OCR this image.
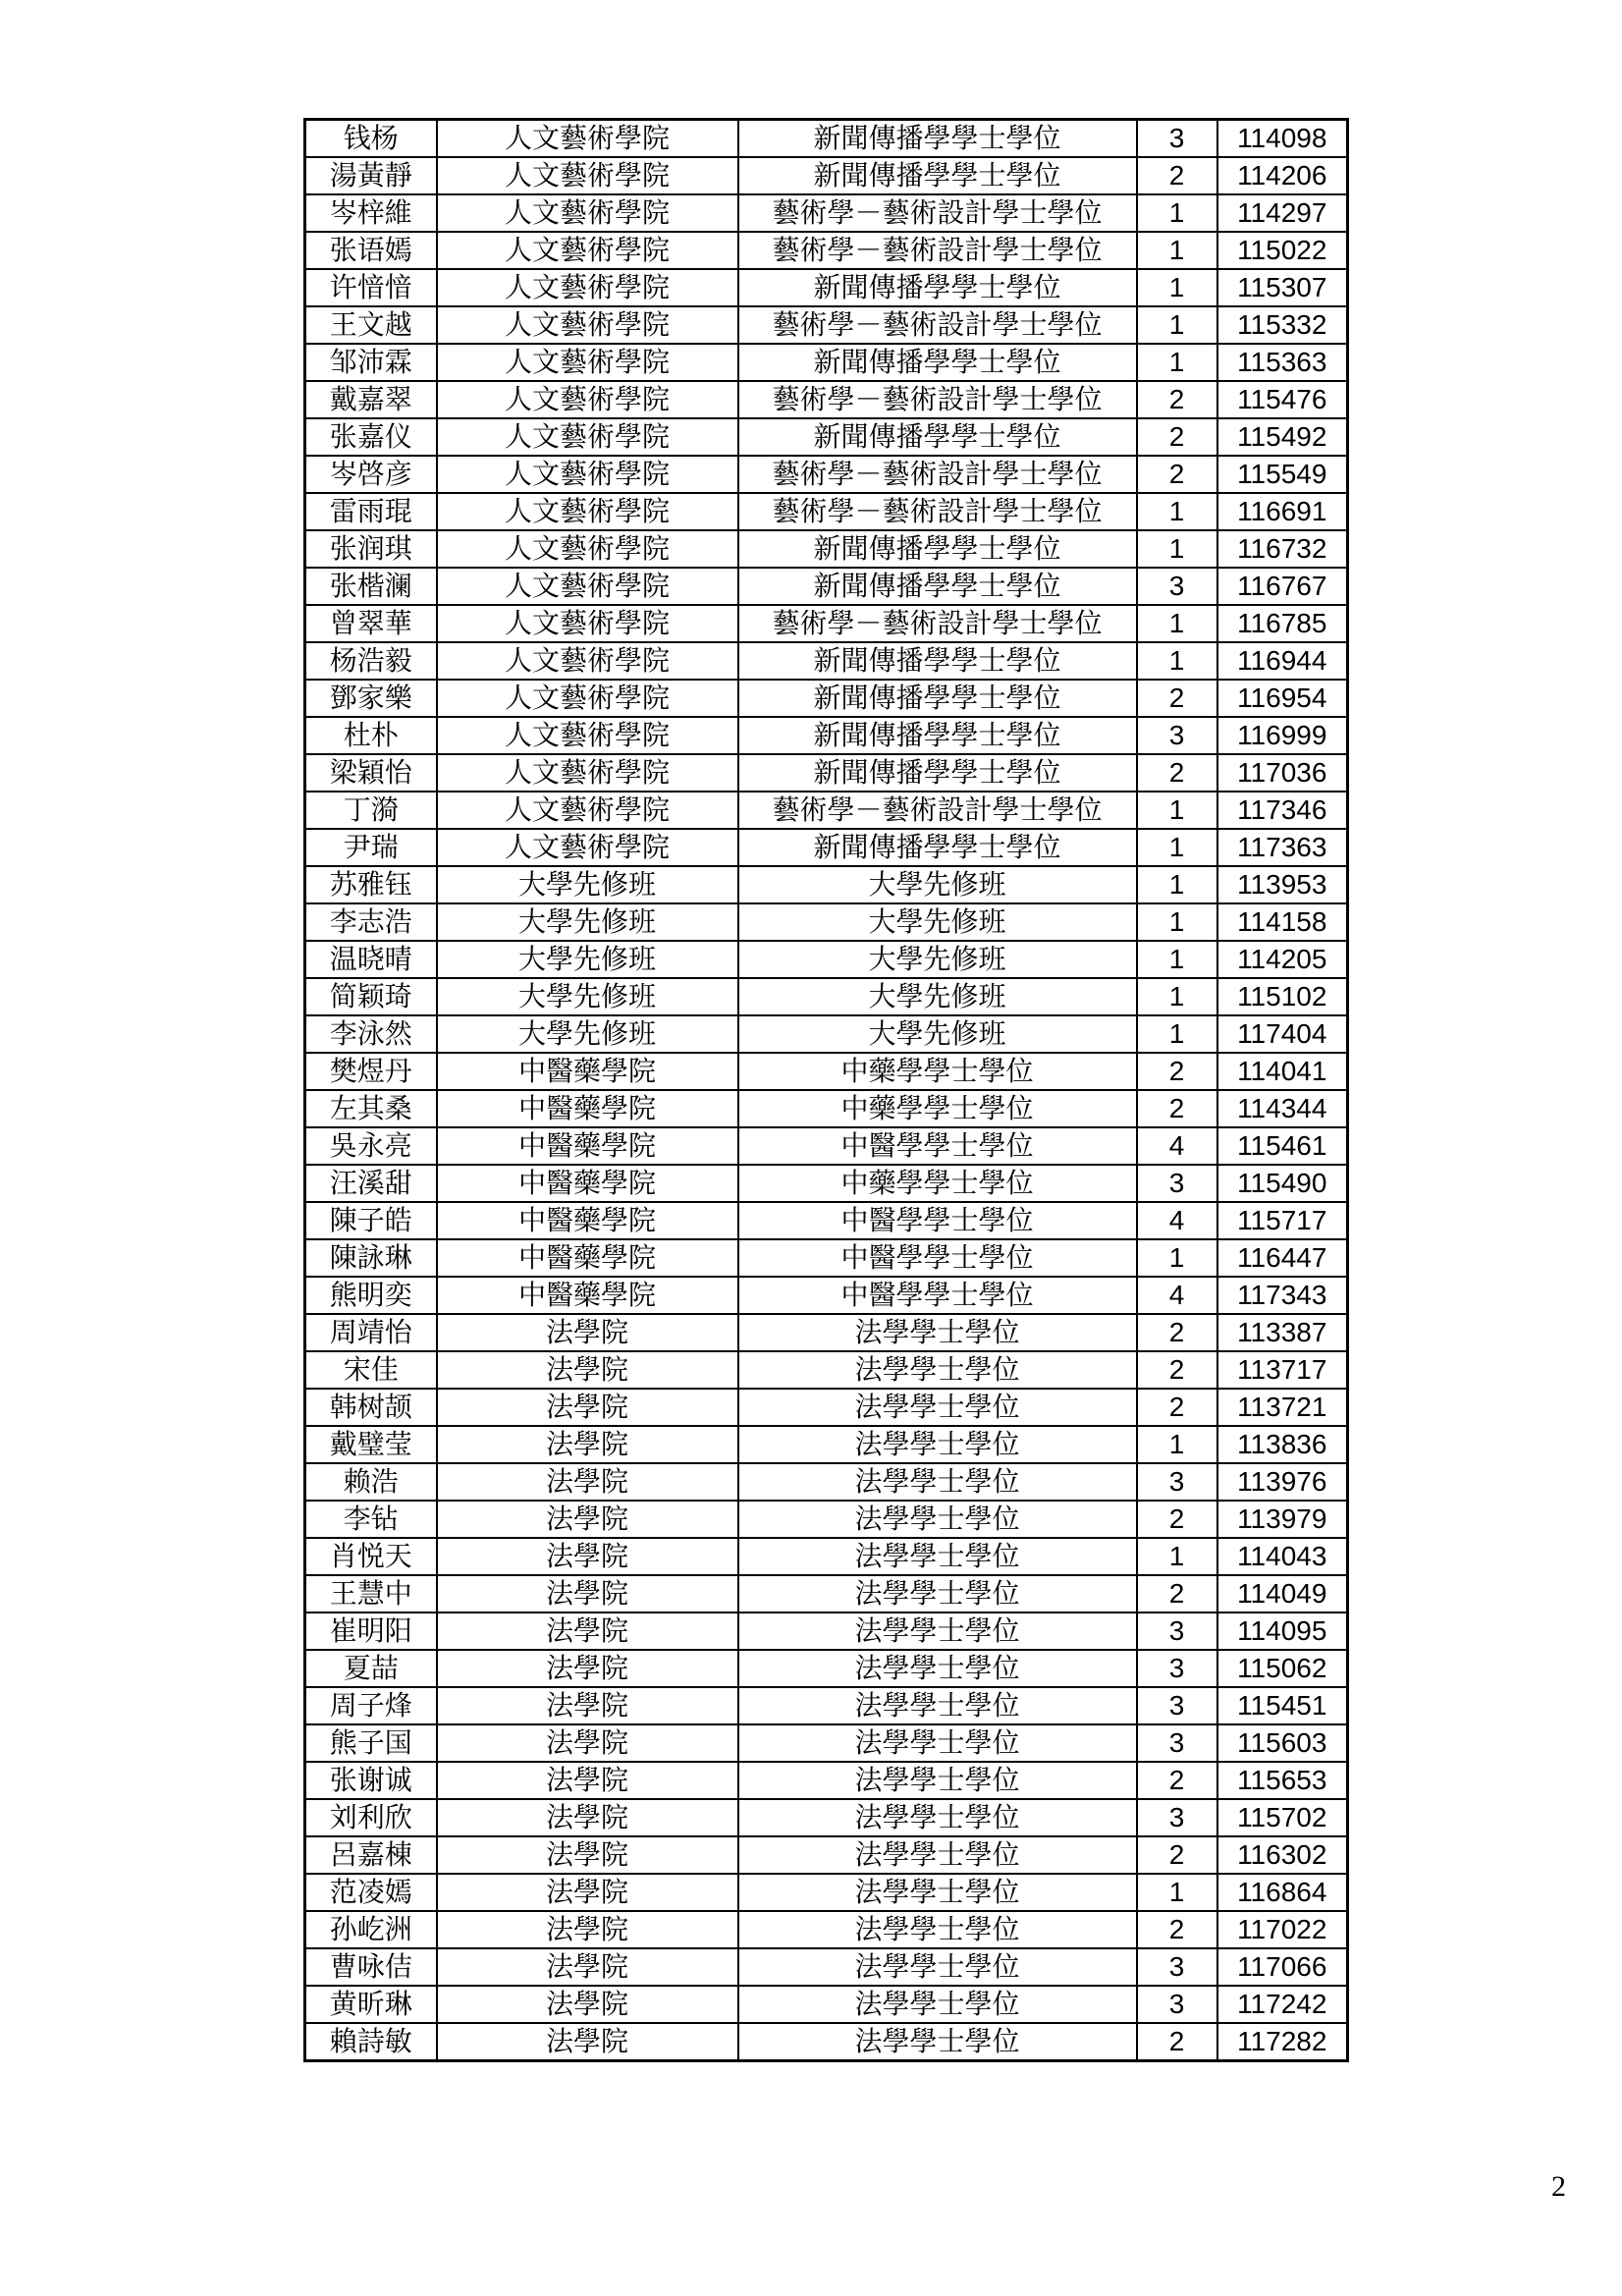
钱杨	人文藝術學院	新聞傳播學學士學位	3	114098
湯黃靜	人文藝術學院	新聞傳播學學士學位	2	114206
岑梓維	人文藝術學院	藝術學－藝術設計學士學位	1	114297
张语嫣	人文藝術學院	藝術學－藝術設計學士學位	1	115022
许愔愔	人文藝術學院	新聞傳播學學士學位	1	115307
王文越	人文藝術學院	藝術學－藝術設計學士學位	1	115332
邹沛霖	人文藝術學院	新聞傳播學學士學位	1	115363
戴嘉翠	人文藝術學院	藝術學－藝術設計學士學位	2	115476
张嘉仪	人文藝術學院	新聞傳播學學士學位	2	115492
岑啓彦	人文藝術學院	藝術學－藝術設計學士學位	2	115549
雷雨琨	人文藝術學院	藝術學－藝術設計學士學位	1	116691
张润琪	人文藝術學院	新聞傳播學學士學位	1	116732
张楷澜	人文藝術學院	新聞傳播學學士學位	3	116767
曾翠華	人文藝術學院	藝術學－藝術設計學士學位	1	116785
杨浩毅	人文藝術學院	新聞傳播學學士學位	1	116944
鄧家樂	人文藝術學院	新聞傳播學學士學位	2	116954
杜朴	人文藝術學院	新聞傳播學學士學位	3	116999
梁穎怡	人文藝術學院	新聞傳播學學士學位	2	117036
丁漪	人文藝術學院	藝術學－藝術設計學士學位	1	117346
尹瑞	人文藝術學院	新聞傳播學學士學位	1	117363
苏雅钰	大學先修班	大學先修班	1	113953
李志浩	大學先修班	大學先修班	1	114158
温晓晴	大學先修班	大學先修班	1	114205
简颖琦	大學先修班	大學先修班	1	115102
李泳然	大學先修班	大學先修班	1	117404
樊煜丹	中醫藥學院	中藥學學士學位	2	114041
左其桑	中醫藥學院	中藥學學士學位	2	114344
吳永亮	中醫藥學院	中醫學學士學位	4	115461
汪溪甜	中醫藥學院	中藥學學士學位	3	115490
陳子皓	中醫藥學院	中醫學學士學位	4	115717
陳詠琳	中醫藥學院	中醫學學士學位	1	116447
熊明奕	中醫藥學院	中醫學學士學位	4	117343
周靖怡	法學院	法學學士學位	2	113387
宋佳	法學院	法學學士學位	2	113717
韩树颉	法學院	法學學士學位	2	113721
戴璧莹	法學院	法學學士學位	1	113836
赖浩	法學院	法學學士學位	3	113976
李钻	法學院	法學學士學位	2	113979
肖悦天	法學院	法學學士學位	1	114043
王慧中	法學院	法學學士學位	2	114049
崔明阳	法學院	法學學士學位	3	114095
夏喆	法學院	法學學士學位	3	115062
周子烽	法學院	法學學士學位	3	115451
熊子国	法學院	法學學士學位	3	115603
张谢诚	法學院	法學學士學位	2	115653
刘利欣	法學院	法學學士學位	3	115702
呂嘉棟	法學院	法學學士學位	2	116302
范凌嫣	法學院	法學學士學位	1	116864
孙屹洲	法學院	法學學士學位	2	117022
曹咏佶	法學院	法學學士學位	3	117066
黄昕琳	法學院	法學學士學位	3	117242
賴詩敏	法學院	法學學士學位	2	117282
2
